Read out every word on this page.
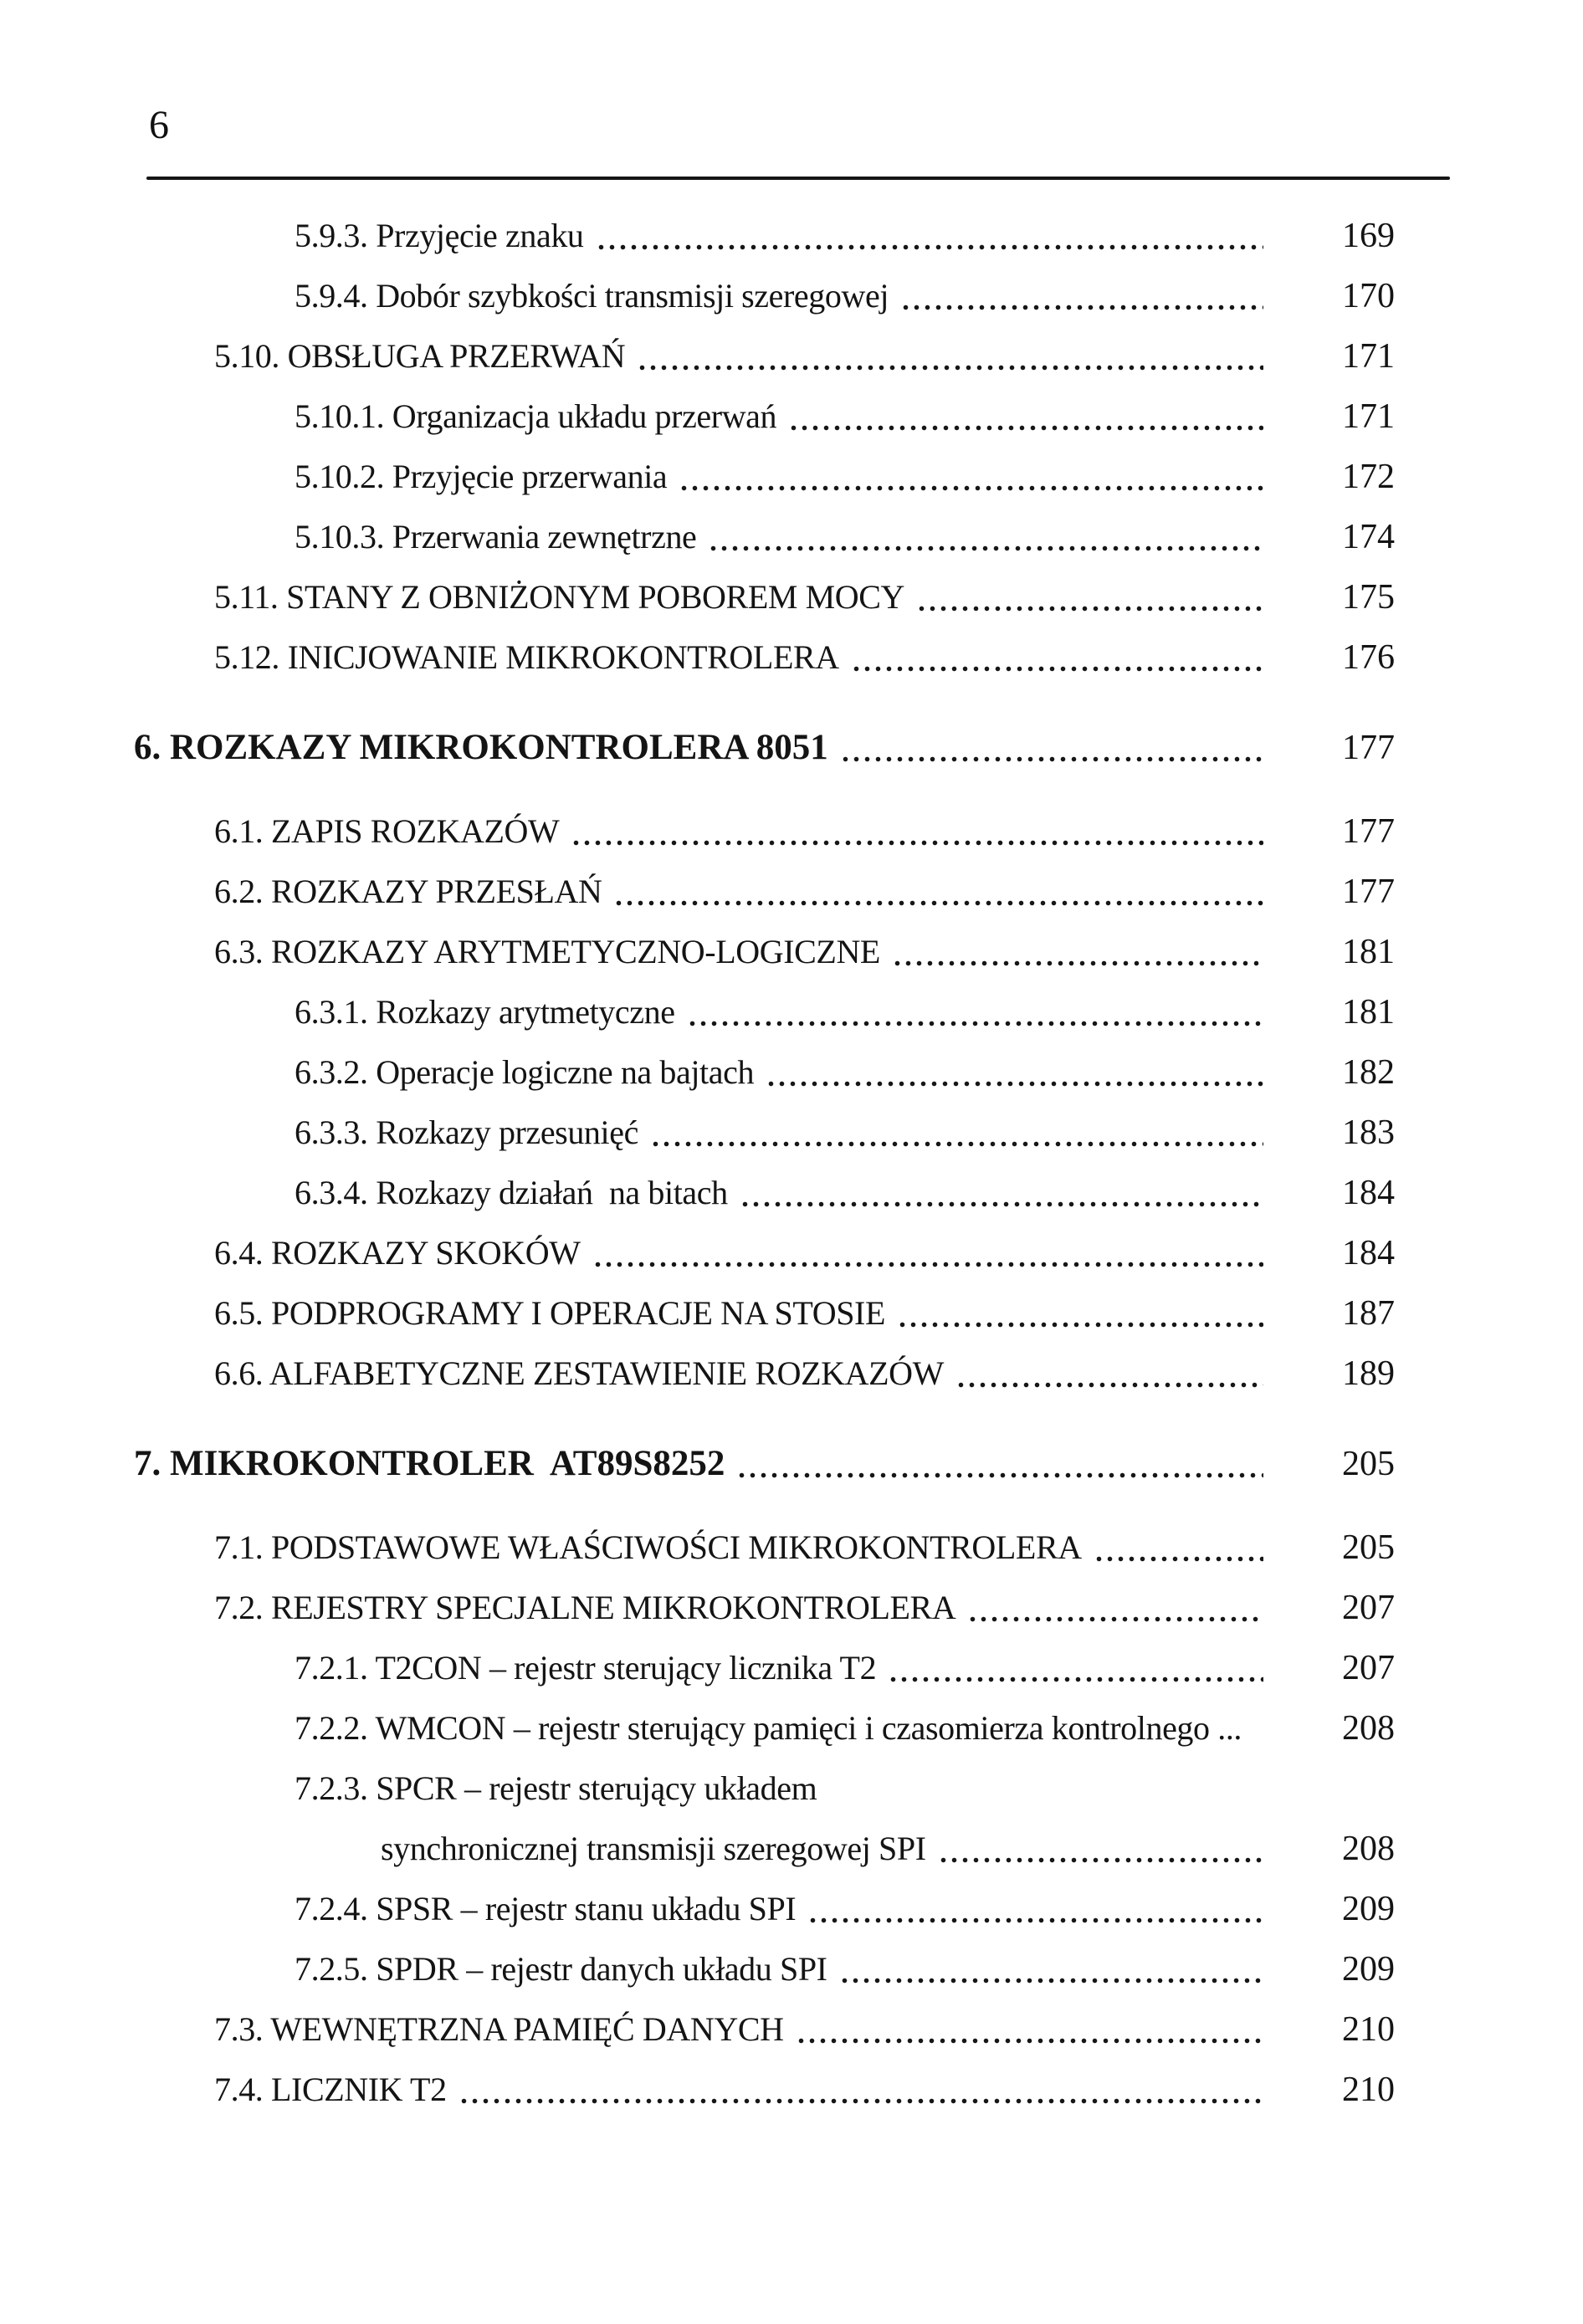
6
5.9.3. Przyjęcie znaku	169
5.9.4. Dobór szybkości transmisji szeregowej	170
5.10. OBSŁUGA PRZERWAŃ	171
5.10.1. Organizacja układu przerwań	171
5.10.2. Przyjęcie przerwania	172
5.10.3. Przerwania zewnętrzne	174
5.11. STANY Z OBNIŻONYM POBOREM MOCY	175
5.12. INICJOWANIE MIKROKONTROLERA	176
6. ROZKAZY MIKROKONTROLERA 8051	177
6.1. ZAPIS ROZKAZÓW	177
6.2. ROZKAZY PRZESŁAŃ	177
6.3. ROZKAZY ARYTMETYCZNO-LOGICZNE	181
6.3.1. Rozkazy arytmetyczne	181
6.3.2. Operacje logiczne na bajtach	182
6.3.3. Rozkazy przesunięć	183
6.3.4. Rozkazy działań  na bitach	184
6.4. ROZKAZY SKOKÓW	184
6.5. PODPROGRAMY I OPERACJE NA STOSIE	187
6.6. ALFABETYCZNE ZESTAWIENIE ROZKAZÓW	189
7. MIKROKONTROLER  AT89S8252	205
7.1. PODSTAWOWE WŁAŚCIWOŚCI MIKROKONTROLERA	205
7.2. REJESTRY SPECJALNE MIKROKONTROLERA	207
7.2.1. T2CON – rejestr sterujący licznika T2	207
7.2.2. WMCON – rejestr sterujący pamięci i czasomierza kontrolnego ...	208
7.2.3. SPCR – rejestr sterujący układem
synchronicznej transmisji szeregowej SPI	208
7.2.4. SPSR – rejestr stanu układu SPI	209
7.2.5. SPDR – rejestr danych układu SPI	209
7.3. WEWNĘTRZNA PAMIĘĆ DANYCH	210
7.4. LICZNIK T2	210
